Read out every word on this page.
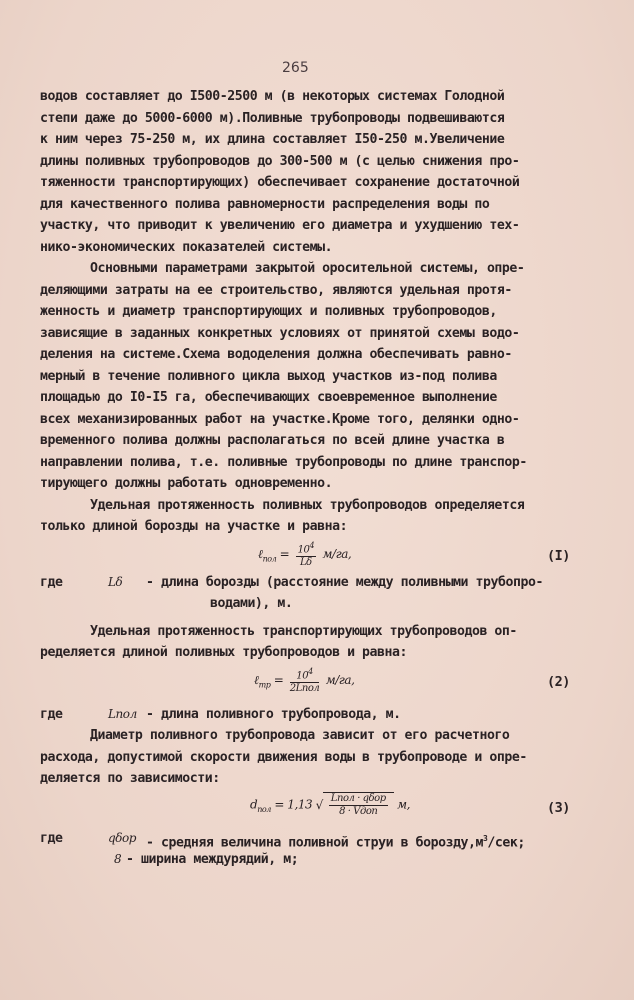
265
водов составляет до I500-2500 м (в некоторых системах Голодной
степи даже до 5000-6000 м).Поливные трубопроводы подвешиваются
к ним через 75-250 м, их длина составляет I50-250 м.Увеличение
длины поливных трубопроводов до 300-500 м (с целью снижения про-
тяженности транспортирующих) обеспечивает сохранение достаточной
для качественного полива равномерности распределения воды по
участку, что приводит к увеличению его диаметра и ухудшению тех-
нико-экономических показателей системы.
Основными параметрами закрытой оросительной системы, опре-
деляющими затраты на ее строительство, являются удельная протя-
женность и диаметр транспортирующих и поливных трубопроводов,
зависящие в заданных конкретных условиях от принятой схемы водо-
деления на системе.Схема вододеления должна обеспечивать равно-
мерный в течение поливного цикла выход участков из-под полива
площадью до I0-I5 га, обеспечивающих своевременное выполнение
всех механизированных работ на участке.Кроме того, делянки одно-
временного полива должны располагаться по всей длине участка в
направлении полива, т.е. поливные трубопроводы по длине транспор-
тирующего должны работать одновременно.
Удельная протяженность поливных трубопроводов определяется
только длиной борозды на участке и равна:
ℓ$_{пол}$ = $\frac{10^4}{L\delta} м/га$,	(I)
где	Lδ - длина борозды (расстояние между поливными трубопро-
водами), м.
Удельная протяженность транспортирующих трубопроводов оп-
ределяется длиной поливных трубопроводов и равна:
ℓ$_{тр}$ = $\frac{10^4}{\text{2Lпол}} м/га$,	(2)
где	Lпол - длина поливного трубопровода, м.
Диаметр поливного трубопровода зависит от его расчетного
расхода, допустимой скорости движения воды в трубопроводе и опре-
деляется по зависимости:
$d_{пол} = 1,13$ √ $\frac{\text{Lпол · qδор}}{\text{8 · Vдоп}} м$,	(3)
где	qδор - средняя величина поливной струи в $борозду,м^3$/сек;
8 - ширина междурядий, м;
